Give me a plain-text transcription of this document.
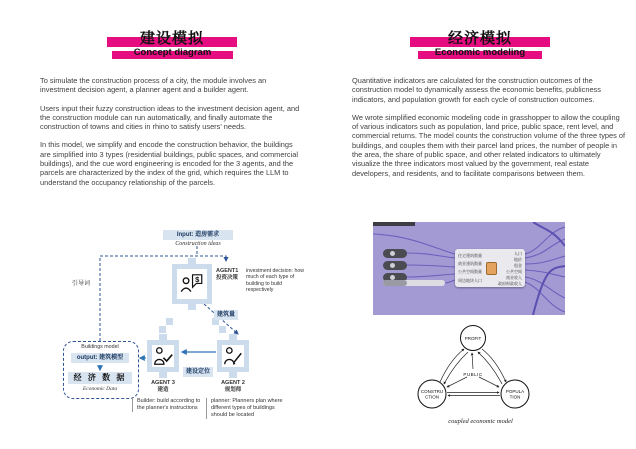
建设模拟
Concept diagram
经济模拟
Economic modeling

To simulate the construction process of a city, the module involves an investment decision agent, a planner agent and a builder agent.

Users input their fuzzy construction ideas to the investment decision agent, and the construction module can run automatically, and finally automate the construction of towns and cities in rhino to satisfy users' needs.

In this model, we simplify and encode the construction behavior, the buildings are simplified into 3 types (residential buildings, public spaces, and commercial buildings), and the cue word engineering is encoded for the 3 agents, and the parcels are characterized by the index of the grid, which requires the LLM to understand the occupancy relationship of the parcels.

Quantitative indicators are calculated for the construction outcomes of the construction model to dynamically assess the economic benefits, publicness indicators, and population growth for each cycle of construction outcomes.

We wrote simplified economic modeling code in grasshopper to allow the coupling of various indicators such as population, land price, public space, rent level, and commercial returns. The model counts the construction volume of the three types of buildings, and couples them with their parcel land prices, the number of people in the area, the share of public space, and other related indicators to ultimately visualize the three indicators most valued by the government, real estate developers, and residents, and to facilitate comparisons between them.

Input: 造房需求
Construction ideas
引导词
$
AGENT1
投资决策
investment decision: how much of each type of building to build respectively
建筑量
建设定位
AGENT 3
建造
AGENT 2
规划师
Buildings model
output: 建筑模型
经 济 数 据
Economic Data
Builder: build according to the planner's instructions
planner: Planners plan where different types of buildings should be located
住宅建筑数量
商业建筑数量
公共空间数量
周边地块人口
人口
地价
租金
公共空间
商业收入
政府财政收入
PROFIT
CONSTRU
CTION
POPULA
TION
PUBLIC
coupled economic model
